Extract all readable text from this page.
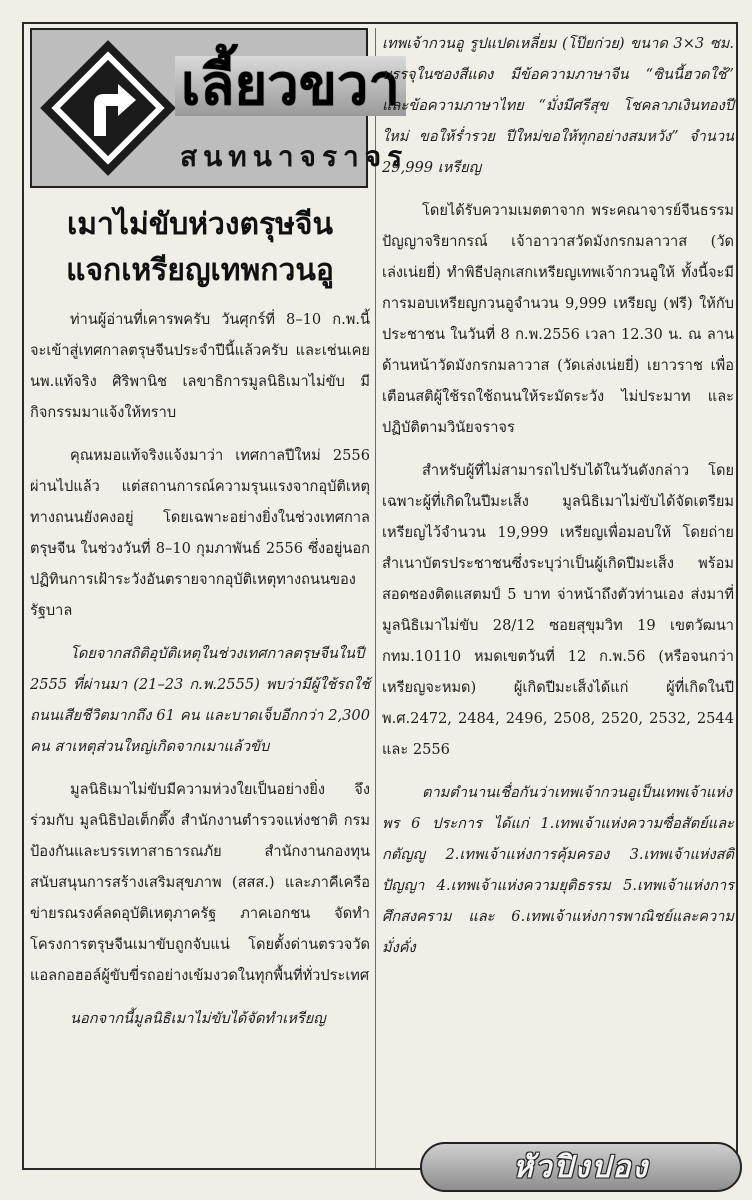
เลี้ยวขวา
สนทนาจราจร
เมาไม่ขับห่วงตรุษจีน
แจกเหรียญเทพกวนอู

ท่านผู้อ่านที่เคารพครับ วันศุกร์ที่ 8–10 ก.พ.นี้ จะเข้าสู่เทศกาลตรุษจีนประจำปีนี้แล้วครับ และเช่นเคย นพ.แท้จริง ศิริพานิช เลขาธิการมูลนิธิเมาไม่ขับ มีกิจกรรมมาแจ้งให้ทราบ

คุณหมอแท้จริงแจ้งมาว่า เทศกาลปีใหม่ 2556 ผ่านไปแล้ว แต่สถานการณ์ความรุนแรงจากอุบัติเหตุทางถนนยังคงอยู่ โดยเฉพาะอย่างยิ่งในช่วงเทศกาลตรุษจีน ในช่วงวันที่ 8–10 กุมภาพันธ์ 2556 ซึ่งอยู่นอกปฏิทินการเฝ้าระวังอันตรายจากอุบัติเหตุทางถนนของรัฐบาล

โดยจากสถิติอุบัติเหตุในช่วงเทศกาลตรุษจีนในปี 2555 ที่ผ่านมา (21–23 ก.พ.2555) พบว่ามีผู้ใช้รถใช้ถนนเสียชีวิตมากถึง 61 คน และบาดเจ็บอีกกว่า 2,300 คน สาเหตุส่วนใหญ่เกิดจากเมาแล้วขับ

มูลนิธิเมาไม่ขับมีความห่วงใยเป็นอย่างยิ่ง จึงร่วมกับ มูลนิธิป่อเต็กตึ๊ง สำนักงานตำรวจแห่งชาติ กรมป้องกันและบรรเทาสาธารณภัย สำนักงานกองทุนสนับสนุนการสร้างเสริมสุขภาพ (สสส.) และภาคีเครือข่ายรณรงค์ลดอุบัติเหตุภาครัฐ ภาคเอกชน จัดทำโครงการตรุษจีนเมาขับถูกจับแน่ โดยตั้งด่านตรวจวัดแอลกอฮอล์ผู้ขับขี่รถอย่างเข้มงวดในทุกพื้นที่ทั่วประเทศ

นอกจากนี้มูลนิธิเมาไม่ขับได้จัดทำเหรียญ

เทพเจ้ากวนอู รูปแปดเหลี่ยม (โป๊ยก่วย) ขนาด 3×3 ซม. บรรจุในซองสีแดง มีข้อความภาษาจีน “ซินนี้ฮวดใช้” และข้อความภาษาไทย “มั่งมีศรีสุข โชคลาภเงินทองปีใหม่ ขอให้ร่ำรวย ปีใหม่ขอให้ทุกอย่างสมหวัง” จำนวน 29,999 เหรียญ

โดยได้รับความเมตตาจาก พระคณาจารย์จีนธรรมปัญญาจริยากรณ์ เจ้าอาวาสวัดมังกรกมลาวาส (วัดเล่งเน่ยยี่) ทำพิธีปลุกเสกเหรียญเทพเจ้ากวนอูให้ ทั้งนี้จะมีการมอบเหรียญกวนอูจำนวน 9,999 เหรียญ (ฟรี) ให้กับประชาชน ในวันที่ 8 ก.พ.2556 เวลา 12.30 น. ณ ลานด้านหน้าวัดมังกรกมลาวาส (วัดเล่งเน่ยยี่) เยาวราช เพื่อเตือนสติผู้ใช้รถใช้ถนนให้ระมัดระวัง ไม่ประมาท และปฏิบัติตามวินัยจราจร

สำหรับผู้ที่ไม่สามารถไปรับได้ในวันดังกล่าว โดยเฉพาะผู้ที่เกิดในปีมะเส็ง มูลนิธิเมาไม่ขับได้จัดเตรียมเหรียญไว้จำนวน 19,999 เหรียญเพื่อมอบให้ โดยถ่ายสำเนาบัตรประชาชนซึ่งระบุว่าเป็นผู้เกิดปีมะเส็ง พร้อมสอดซองติดแสตมป์ 5 บาท จ่าหน้าถึงตัวท่านเอง ส่งมาที่ มูลนิธิเมาไม่ขับ 28/12 ซอยสุขุมวิท 19 เขตวัฒนา กทม.10110 หมดเขตวันที่ 12 ก.พ.56 (หรือจนกว่าเหรียญจะหมด) ผู้เกิดปีมะเส็งได้แก่ ผู้ที่เกิดในปี พ.ศ.2472, 2484, 2496, 2508, 2520, 2532, 2544 และ 2556

ตามตำนานเชื่อกันว่าเทพเจ้ากวนอูเป็นเทพเจ้าแห่งพร 6 ประการ ได้แก่ 1.เทพเจ้าแห่งความซื่อสัตย์และกตัญญู 2.เทพเจ้าแห่งการคุ้มครอง 3.เทพเจ้าแห่งสติปัญญา 4.เทพเจ้าแห่งความยุติธรรม 5.เทพเจ้าแห่งการศึกสงคราม และ 6.เทพเจ้าแห่งการพาณิชย์และความมั่งคั่ง

หัวปิงปอง
